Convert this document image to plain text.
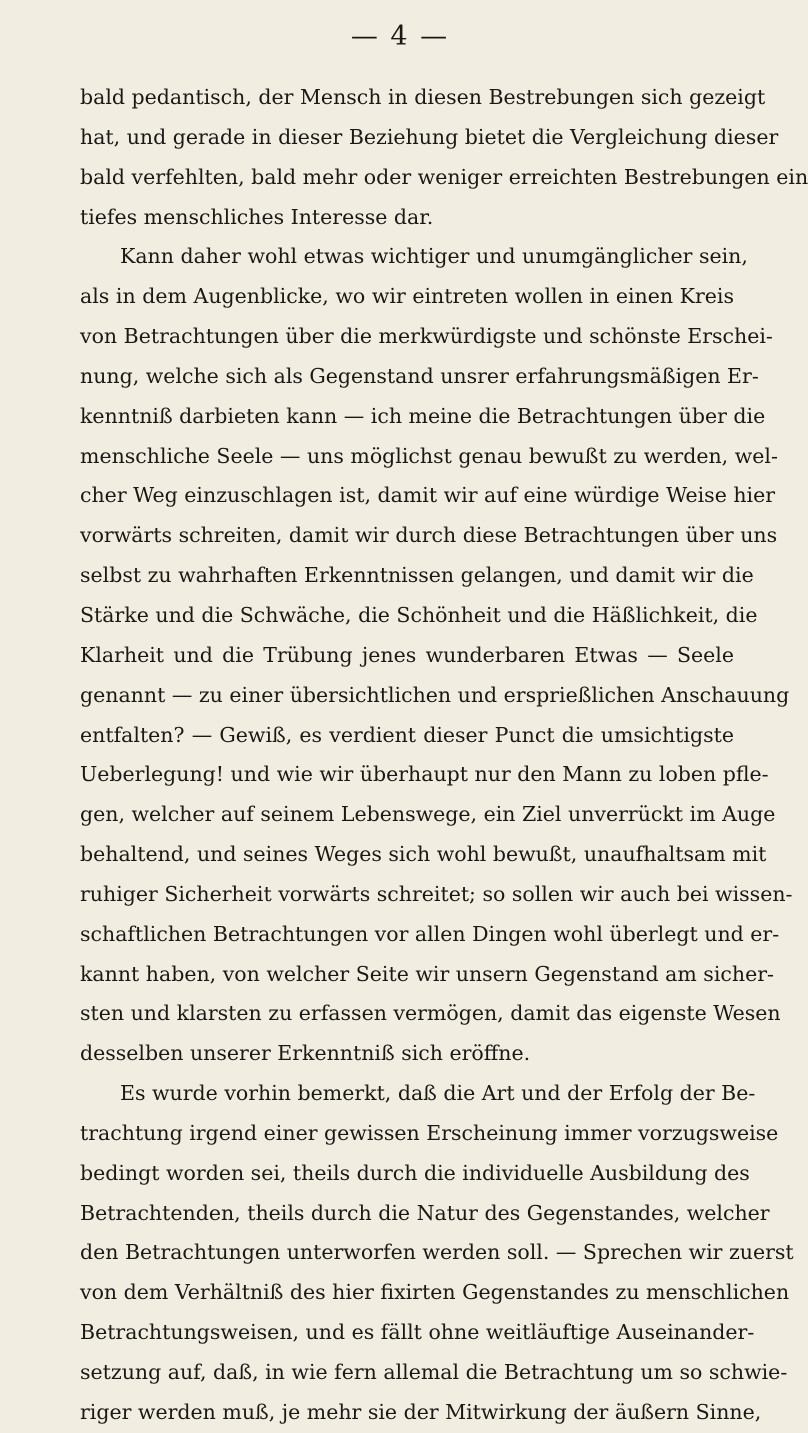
— 4 —
bald pedantisch, der Mensch in diesen Bestrebungen sich gezeigt
hat, und gerade in dieser Beziehung bietet die Vergleichung dieser
bald verfehlten, bald mehr oder weniger erreichten Bestrebungen ein
tiefes menschliches Interesse dar.
Kann daher wohl etwas wichtiger und unumgänglicher sein,
als in dem Augenblicke, wo wir eintreten wollen in einen Kreis
von Betrachtungen über die merkwürdigste und schönste Erschei-
nung, welche sich als Gegenstand unsrer erfahrungsmäßigen Er-
kenntniß darbieten kann — ich meine die Betrachtungen über die
menschliche Seele — uns möglichst genau bewußt zu werden, wel-
cher Weg einzuschlagen ist, damit wir auf eine würdige Weise hier
vorwärts schreiten, damit wir durch diese Betrachtungen über uns
selbst zu wahrhaften Erkenntnissen gelangen, und damit wir die
Stärke und die Schwäche, die Schönheit und die Häßlichkeit, die
Klarheit und die Trübung jenes wunderbaren Etwas — Seele
genannt — zu einer übersichtlichen und ersprießlichen Anschauung
entfalten? — Gewiß, es verdient dieser Punct die umsichtigste
Ueberlegung! und wie wir überhaupt nur den Mann zu loben pfle-
gen, welcher auf seinem Lebenswege, ein Ziel unverrückt im Auge
behaltend, und seines Weges sich wohl bewußt, unaufhaltsam mit
ruhiger Sicherheit vorwärts schreitet; so sollen wir auch bei wissen-
schaftlichen Betrachtungen vor allen Dingen wohl überlegt und er-
kannt haben, von welcher Seite wir unsern Gegenstand am sicher-
sten und klarsten zu erfassen vermögen, damit das eigenste Wesen
desselben unserer Erkenntniß sich eröffne.
Es wurde vorhin bemerkt, daß die Art und der Erfolg der Be-
trachtung irgend einer gewissen Erscheinung immer vorzugsweise
bedingt worden sei, theils durch die individuelle Ausbildung des
Betrachtenden, theils durch die Natur des Gegenstandes, welcher
den Betrachtungen unterworfen werden soll. — Sprechen wir zuerst
von dem Verhältniß des hier fixirten Gegenstandes zu menschlichen
Betrachtungsweisen, und es fällt ohne weitläuftige Auseinander-
setzung auf, daß, in wie fern allemal die Betrachtung um so schwie-
riger werden muß, je mehr sie der Mitwirkung der äußern Sinne,
